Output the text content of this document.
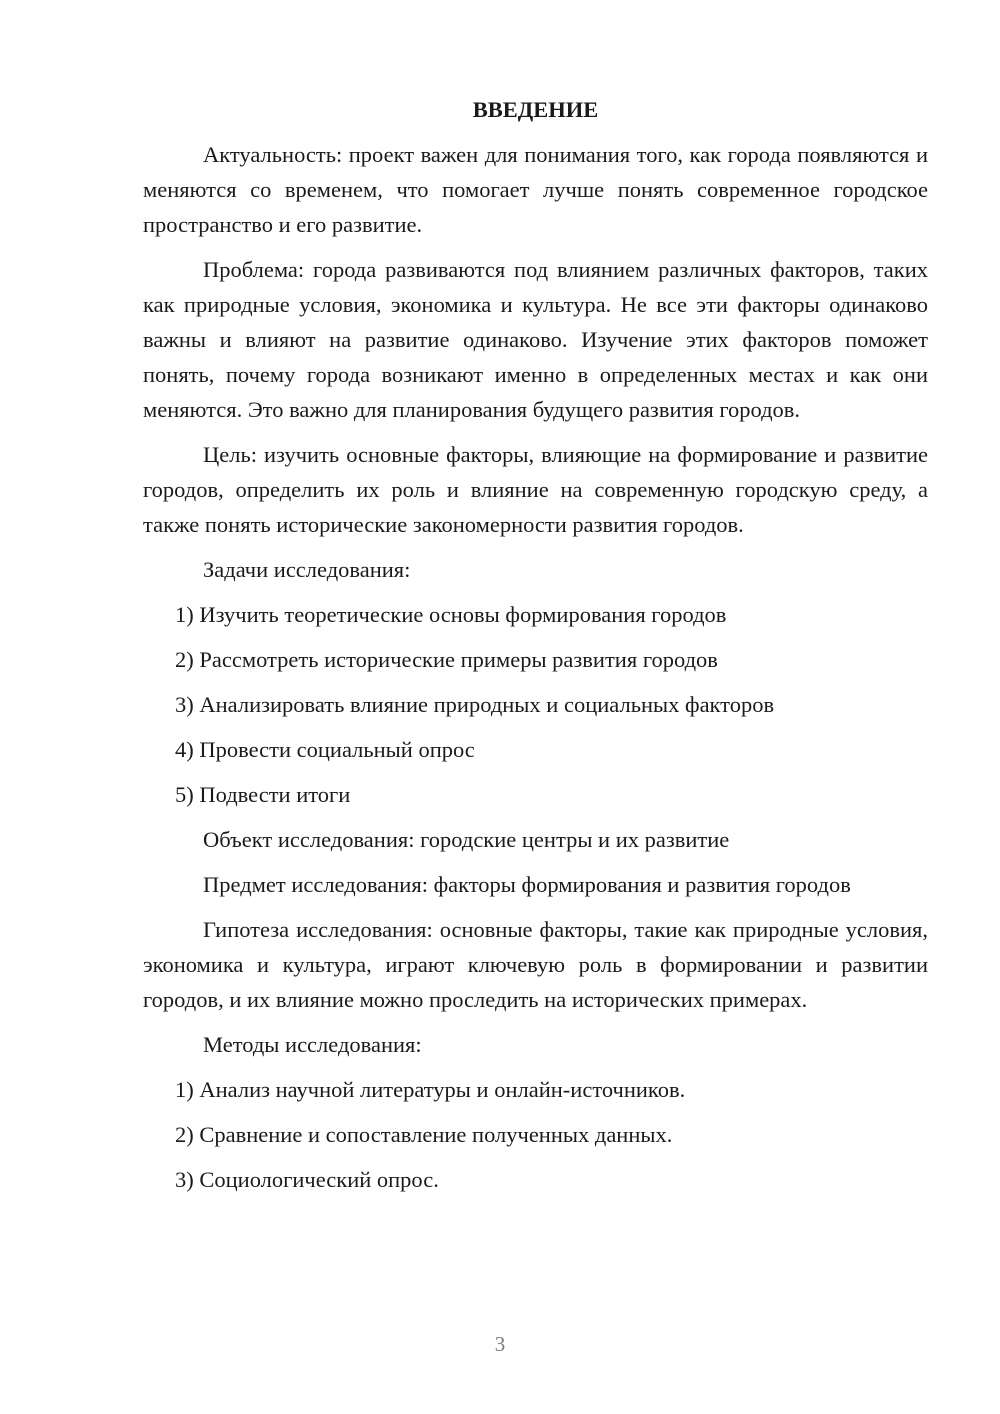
ВВЕДЕНИЕ

Актуальность: проект важен для понимания того, как города появляются и меняются со временем, что помогает лучше понять современное городское пространство и его развитие.

Проблема: города развиваются под влиянием различных факторов, таких как природные условия, экономика и культура. Не все эти факторы одинаково важны и влияют на развитие одинаково. Изучение этих факторов поможет понять, почему города возникают именно в определенных местах и как они меняются. Это важно для планирования будущего развития городов.

Цель: изучить основные факторы, влияющие на формирование и развитие городов, определить их роль и влияние на современную городскую среду, а также понять исторические закономерности развития городов.

Задачи исследования:

1) Изучить теоретические основы формирования городов

2) Рассмотреть исторические примеры развития городов

3) Анализировать влияние природных и социальных факторов

4) Провести социальный опрос

5) Подвести итоги

Объект исследования: городские центры и их развитие

Предмет исследования: факторы формирования и развития городов

Гипотеза исследования: основные факторы, такие как природные условия, экономика и культура, играют ключевую роль в формировании и развитии городов, и их влияние можно проследить на исторических примерах.

Методы исследования:

1) Анализ научной литературы и онлайн-источников.

2) Сравнение и сопоставление полученных данных.

3) Социологический опрос.

3
